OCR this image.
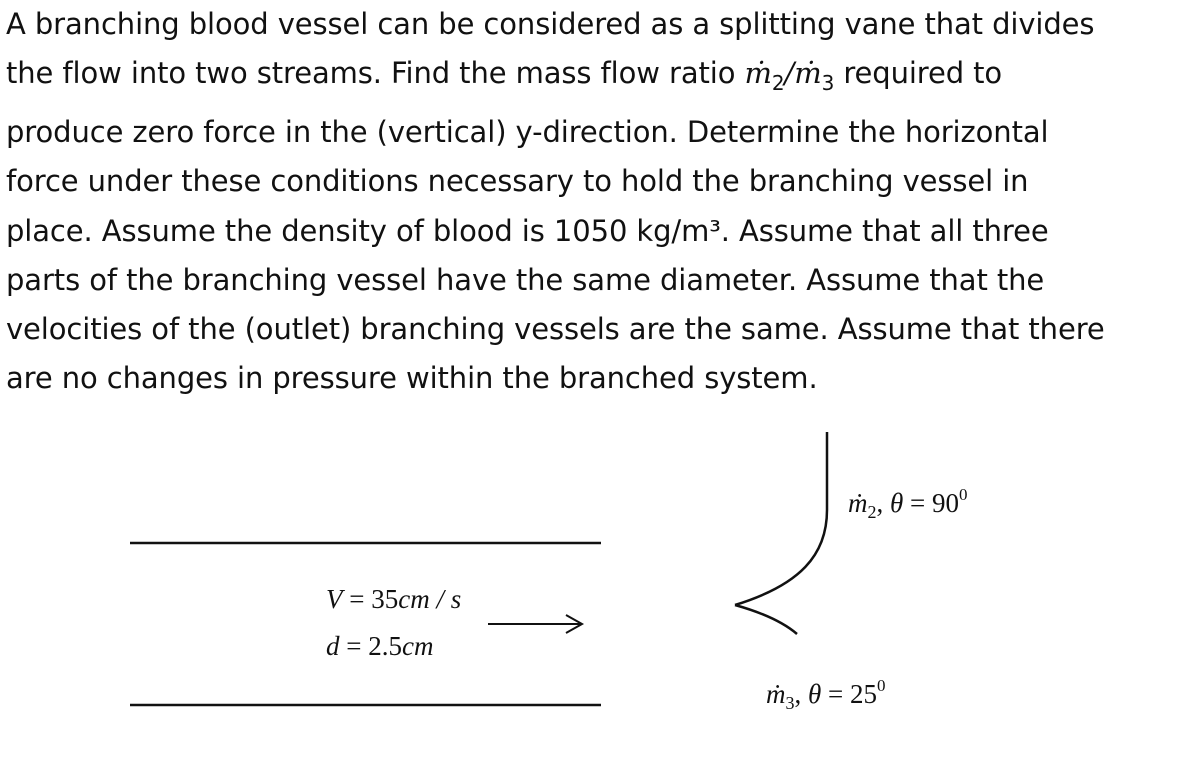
A branching blood vessel can be considered as a splitting vane that divides
the flow into two streams. Find the mass flow ratio ṁ$_2$/ṁ$_3$ required to
produce zero force in the (vertical) y-direction. Determine the horizontal
force under these conditions necessary to hold the branching vessel in
place. Assume the density of blood is 1050 kg/m³. Assume that all three
parts of the branching vessel have the same diameter. Assume that the
velocities of the (outlet) branching vessels are the same. Assume that there
are no changes in pressure within the branched system.
V = 35cm / s
d = 2.5cm
ṁ$_2$, $\theta = 90^0$
ṁ$_3$, $\theta = 25^0$
